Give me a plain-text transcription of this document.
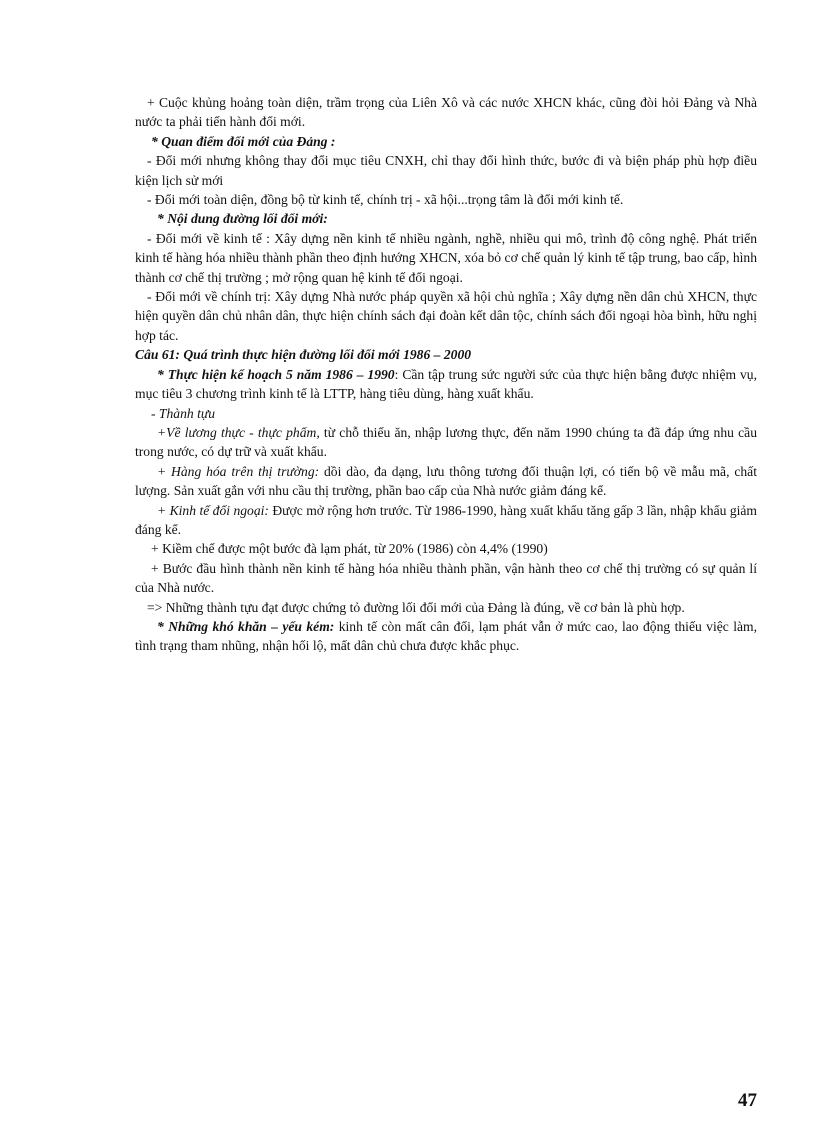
+ Cuộc khủng hoảng toàn diện, trầm trọng của Liên Xô và các nước XHCN khác, cũng đòi hỏi Đảng và Nhà nước ta phải tiến hành đổi mới.

* Quan điểm đổi mới của Đảng :

- Đổi mới nhưng không thay đổi mục tiêu CNXH, chỉ thay đổi hình thức, bước đi và biện pháp phù hợp điều kiện lịch sử mới

- Đổi mới toàn diện, đồng bộ từ kinh tế, chính trị - xã hội...trọng tâm là đổi mới kinh tế.

* Nội dung đường lối đổi mới:

- Đổi mới về kinh tế : Xây dựng nền kinh tế nhiều ngành, nghề, nhiều qui mô, trình độ công nghệ. Phát triển kinh tế hàng hóa nhiều thành phần theo định hướng XHCN, xóa bỏ cơ chế quản lý kinh tế tập trung, bao cấp, hình thành cơ chế thị trường ; mở rộng quan hệ kinh tế đối ngoại.

- Đổi mới về chính trị: Xây dựng Nhà nước pháp quyền xã hội chủ nghĩa ; Xây dựng nền dân chủ XHCN, thực hiện quyền dân chủ nhân dân, thực hiện chính sách đại đoàn kết dân tộc, chính sách đối ngoại hòa bình, hữu nghị hợp tác.

Câu 61: Quá trình thực hiện đường lối đổi mới 1986 – 2000

* Thực hiện kế hoạch 5 năm 1986 – 1990: Cần tập trung sức người sức của thực hiện bằng được nhiệm vụ, mục tiêu 3 chương trình kinh tế là LTTP, hàng tiêu dùng, hàng xuất khẩu.

- Thành tựu

+Về lương thực - thực phẩm, từ chỗ thiếu ăn, nhập lương thực, đến năm 1990 chúng ta đã đáp ứng nhu cầu trong nước, có dự trữ và xuất khẩu.

+ Hàng hóa trên thị trường: dồi dào, đa dạng, lưu thông tương đối thuận lợi, có tiến bộ về mẫu mã, chất lượng. Sản xuất gắn với nhu cầu thị trường, phần bao cấp của Nhà nước giảm đáng kể.

+ Kinh tế đối ngoại: Được mở rộng hơn trước. Từ 1986-1990, hàng xuất khẩu tăng gấp 3 lần, nhập khẩu giảm đáng kể.

+ Kiềm chế được một bước đà lạm phát, từ 20% (1986) còn 4,4% (1990)

+ Bước đầu hình thành nền kinh tế hàng hóa nhiều thành phần, vận hành theo cơ chế thị trường có sự quản lí của Nhà nước.

=> Những thành tựu đạt được chứng tỏ đường lối đổi mới của Đảng là đúng, về cơ bản là phù hợp.

* Những khó khăn – yếu kém: kinh tế còn mất cân đối, lạm phát vẫn ở mức cao, lao động thiếu việc làm, tình trạng tham nhũng, nhận hối lộ, mất dân chủ chưa được khắc phục.

47
